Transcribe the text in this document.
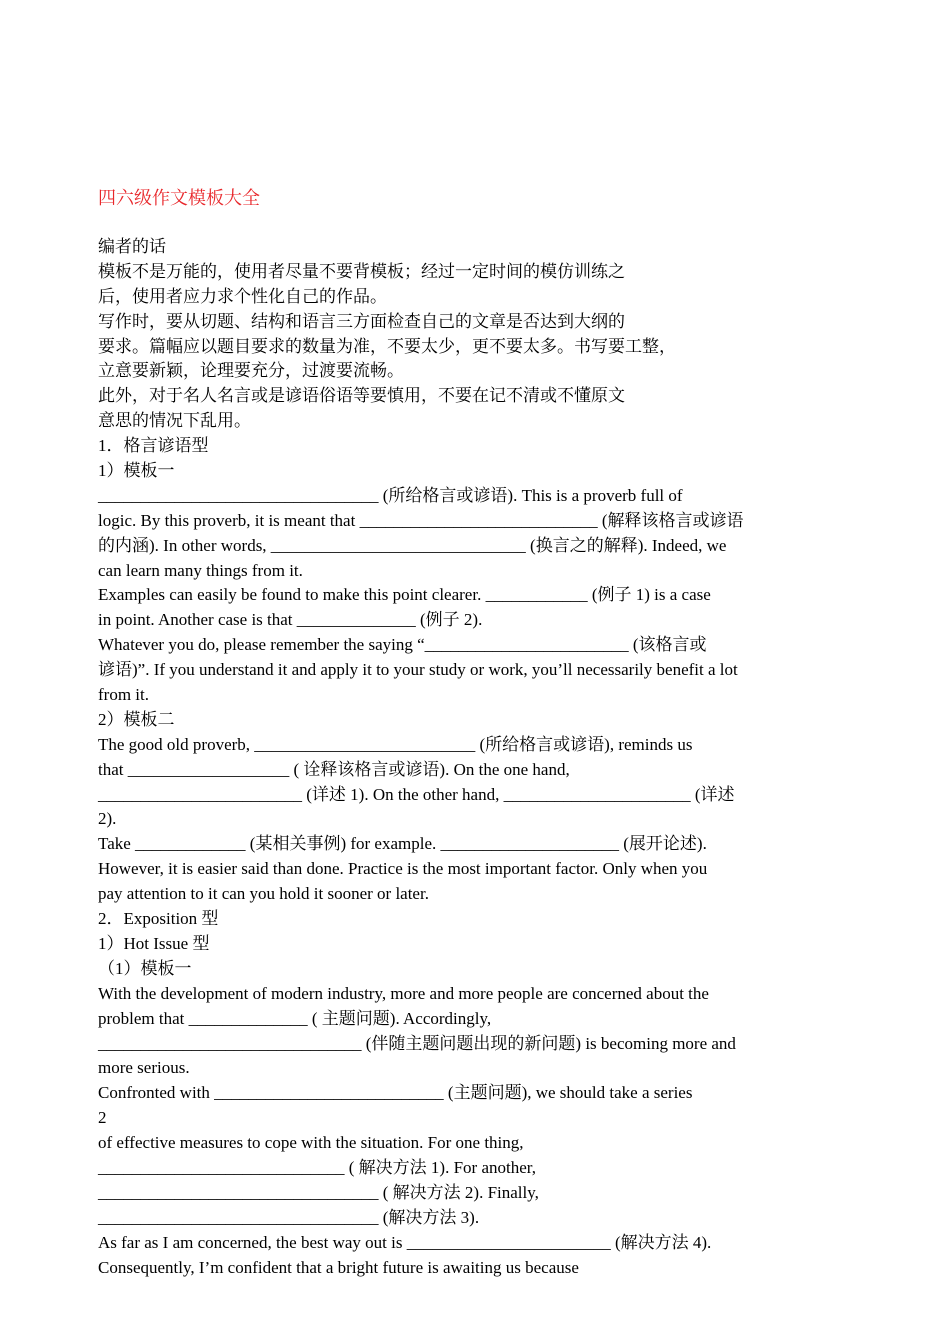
四六级作文模板大全
编者的话
模板不是万能的，使用者尽量不要背模板；经过一定时间的模仿训练之
后，使用者应力求个性化自己的作品。
写作时，要从切题、结构和语言三方面检查自己的文章是否达到大纲的
要求。篇幅应以题目要求的数量为准，不要太少，更不要太多。书写要工整，
立意要新颖，论理要充分，过渡要流畅。
此外，对于名人名言或是谚语俗语等要慎用，不要在记不清或不懂原文
意思的情况下乱用。
1．格言谚语型
1）模板一
_________________________________ (所给格言或谚语). This is a proverb full of
logic. By this proverb, it is meant that ____________________________ (解释该格言或谚语
的内涵). In other words, ______________________________ (换言之的解释). Indeed, we
can learn many things from it.
Examples can easily be found to make this point clearer. ____________ (例子 1) is a case
in point. Another case is that ______________ (例子 2).
Whatever you do, please remember the saying “________________________ (该格言或
谚语)”. If you understand it and apply it to your study or work, you’ll necessarily benefit a lot
from it.
2）模板二
The good old proverb, __________________________ (所给格言或谚语), reminds us
that ___________________ ( 诠释该格言或谚语). On the one hand,
________________________ (详述 1). On the other hand, ______________________ (详述
2).
Take _____________ (某相关事例) for example. _____________________ (展开论述).
However, it is easier said than done. Practice is the most important factor. Only when you
pay attention to it can you hold it sooner or later.
2．Exposition 型
1）Hot Issue 型
（1）模板一
With the development of modern industry, more and more people are concerned about the
problem that ______________ ( 主题问题). Accordingly,
_______________________________ (伴随主题问题出现的新问题) is becoming more and
more serious.
Confronted with ___________________________ (主题问题), we should take a series
2
of effective measures to cope with the situation. For one thing,
_____________________________ ( 解决方法 1). For another,
_________________________________ ( 解决方法 2). Finally,
_________________________________ (解决方法 3).
As far as I am concerned, the best way out is ________________________ (解决方法 4).
Consequently, I’m confident that a bright future is awaiting us because
